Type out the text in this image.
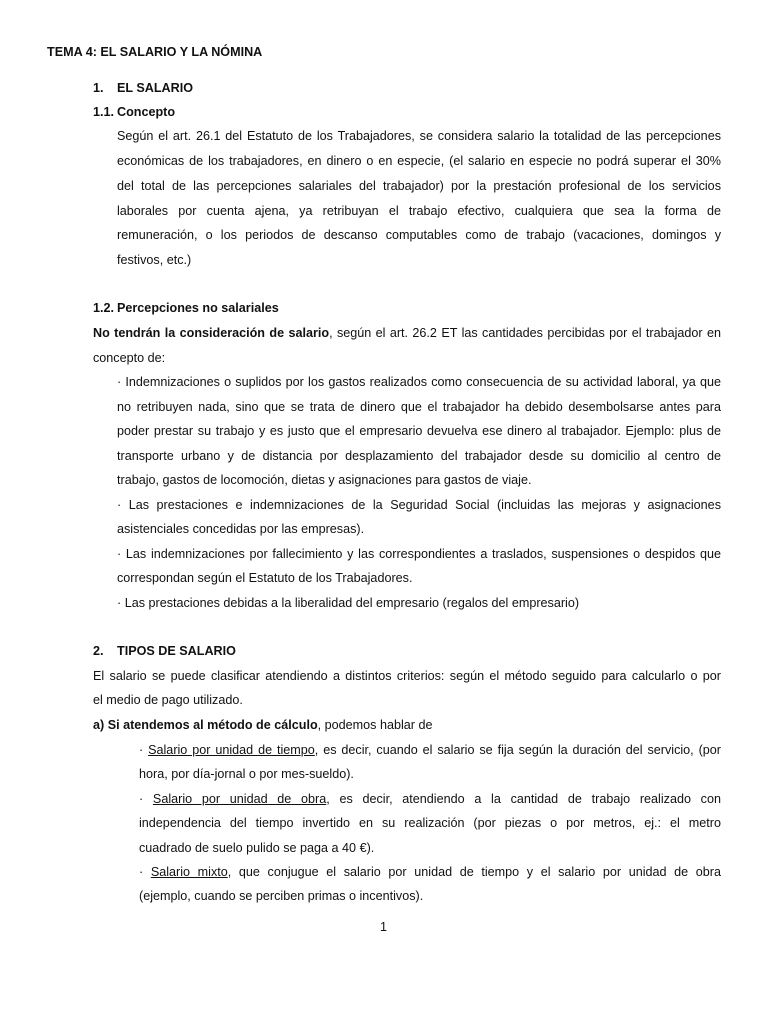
TEMA 4: EL SALARIO Y LA NÓMINA
1. EL SALARIO
1.1. Concepto
Según el art. 26.1 del Estatuto de los Trabajadores, se considera salario la totalidad de las percepciones
económicas de los trabajadores, en dinero o en especie, (el salario en especie no podrá superar el 30%
del total de las percepciones salariales del trabajador) por la prestación profesional de los servicios
laborales por cuenta ajena, ya retribuyan el trabajo efectivo, cualquiera que sea la forma de
remuneración, o los periodos de descanso computables como de trabajo (vacaciones, domingos y
festivos, etc.)
1.2. Percepciones no salariales
No tendrán la consideración de salario, según el art. 26.2 ET las cantidades percibidas por el trabajador en
concepto de:
· Indemnizaciones o suplidos por los gastos realizados como consecuencia de su actividad laboral, ya que
no retribuyen nada, sino que se trata de dinero que el trabajador ha debido desembolsarse antes para
poder prestar su trabajo y es justo que el empresario devuelva ese dinero al trabajador. Ejemplo: plus de
transporte urbano y de distancia por desplazamiento del trabajador desde su domicilio al centro de
trabajo, gastos de locomoción, dietas y asignaciones para gastos de viaje.
· Las prestaciones e indemnizaciones de la Seguridad Social (incluidas las mejoras y asignaciones
asistenciales concedidas por las empresas).
· Las indemnizaciones por fallecimiento y las correspondientes a traslados, suspensiones o despidos que
correspondan según el Estatuto de los Trabajadores.
· Las prestaciones debidas a la liberalidad del empresario (regalos del empresario)
2. TIPOS DE SALARIO
El salario se puede clasificar atendiendo a distintos criterios: según el método seguido para calcularlo o por
el medio de pago utilizado.
a) Si atendemos al método de cálculo, podemos hablar de
· Salario por unidad de tiempo, es decir, cuando el salario se fija según la duración del servicio, (por
hora, por día-jornal o por mes-sueldo).
· Salario por unidad de obra, es decir, atendiendo a la cantidad de trabajo realizado con
independencia del tiempo invertido en su realización (por piezas o por metros, ej.: el metro
cuadrado de suelo pulido se paga a 40 €).
· Salario mixto, que conjugue el salario por unidad de tiempo y el salario por unidad de obra
(ejemplo, cuando se perciben primas o incentivos).
1
